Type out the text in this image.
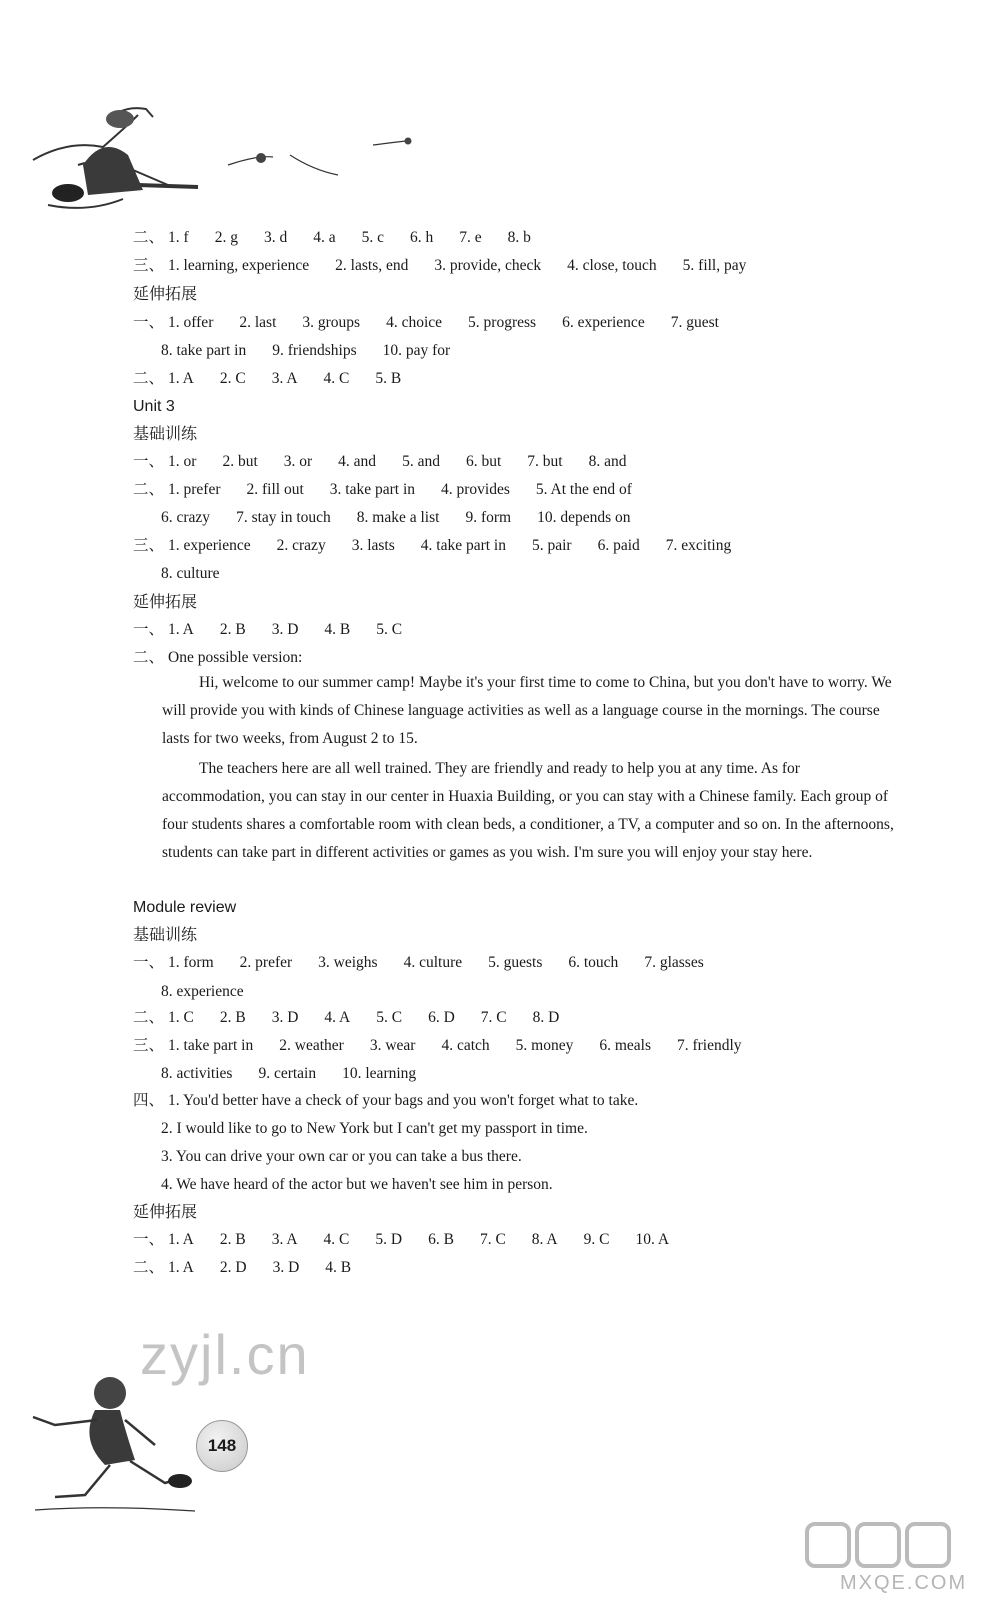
二、 1. f 2. g 3. d 4. a 5. c 6. h 7. e 8. b
三、 1. learning, experience 2. lasts, end 3. provide, check 4. close, touch 5. fill, pay
延伸拓展
一、 1. offer 2. last 3. groups 4. choice 5. progress 6. experience 7. guest
8. take part in 9. friendships 10. pay for
二、 1. A 2. C 3. A 4. C 5. B
Unit 3
基础训练
一、 1. or 2. but 3. or 4. and 5. and 6. but 7. but 8. and
二、 1. prefer 2. fill out 3. take part in 4. provides 5. At the end of
6. crazy 7. stay in touch 8. make a list 9. form 10. depends on
三、 1. experience 2. crazy 3. lasts 4. take part in 5. pair 6. paid 7. exciting
8. culture
延伸拓展
一、 1. A 2. B 3. D 4. B 5. C
二、 One possible version:
Hi, welcome to our summer camp! Maybe it's your first time to come to China, but you don't have to worry. We will provide you with kinds of Chinese language activities as well as a language course in the mornings. The course lasts for two weeks, from August 2 to 15.
The teachers here are all well trained. They are friendly and ready to help you at any time. As for accommodation, you can stay in our center in Huaxia Building, or you can stay with a Chinese family. Each group of four students shares a comfortable room with clean beds, a conditioner, a TV, a computer and so on. In the afternoons, students can take part in different activities or games as you wish. I'm sure you will enjoy your stay here.
Module review
基础训练
一、 1. form 2. prefer 3. weighs 4. culture 5. guests 6. touch 7. glasses
8. experience
二、 1. C 2. B 3. D 4. A 5. C 6. D 7. C 8. D
三、 1. take part in 2. weather 3. wear 4. catch 5. money 6. meals 7. friendly
8. activities 9. certain 10. learning
四、 1. You'd better have a check of your bags and you won't forget what to take.
2. I would like to go to New York but I can't get my passport in time.
3. You can drive your own car or you can take a bus there.
4. We have heard of the actor but we haven't see him in person.
延伸拓展
一、 1. A 2. B 3. A 4. C 5. D 6. B 7. C 8. A 9. C 10. A
二、 1. A 2. D 3. D 4. B
zyjl.cn
148
MXQE.COM
